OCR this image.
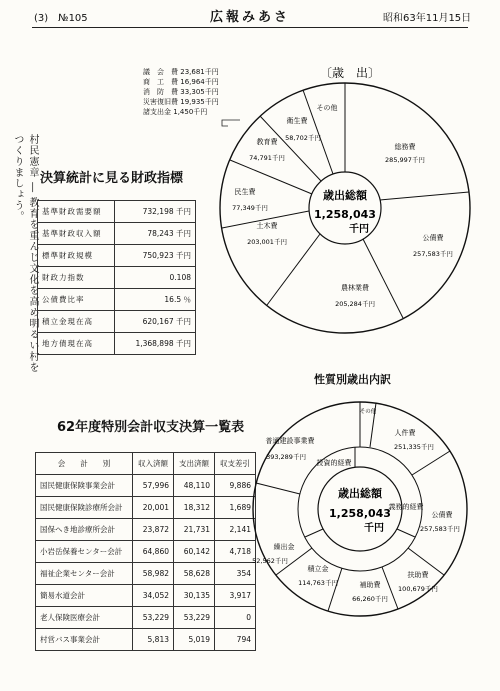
(3)　№105	広報みあさ	昭和63年11月15日
村民憲章 ― 教育を重んじ文化を高め明るい村をつくりましょう。
議　会　費 23,681千円
商　工　費 16,964千円
消　防　費 33,305千円
災害復旧費 19,935千円
諸支出金 1,450千円
〔歳　出〕
歳出総額
1,258,043
千円
総務費
285,997千円
公債費
257,583千円
農林業費
205,284千円
土木費
203,001千円
民生費
77,349千円
教育費
74,791千円
衛生費
58,702千円
その他
決算統計に見る財政指標
基準財政需要額	732,198 千円
基準財政収入額	78,243 千円
標準財政規模	750,923 千円
財政力指数	0.108
公債費比率	16.5 ％
積立金現在高	620,167 千円
地方債現在高	1,368,898 千円
62年度特別会計収支決算一覧表
会　　計　　別	収入済額	支出済額	収支差引
国民健康保険事業会計	57,996	48,110	9,886
国民健康保険診療所会計	20,001	18,312	1,689
国保へき地診療所会計	23,872	21,731	2,141
小岩岳保養センター会計	64,860	60,142	4,718
福祉企業センター会計	58,982	58,628	354
簡易水道会計	34,052	30,135	3,917
老人保険医療会計	53,229	53,229	0
村営バス事業会計	5,813	5,019	794
性質別歳出内訳
歳出総額
1,258,043
千円
投資的経費
義務的経費
その他
人件費
251,335千円
公債費
257,583千円
扶助費
100,679千円
補助費
66,260千円
積立金
114,763千円
繰出金
52,562千円
普通建設事業費
393,289千円
